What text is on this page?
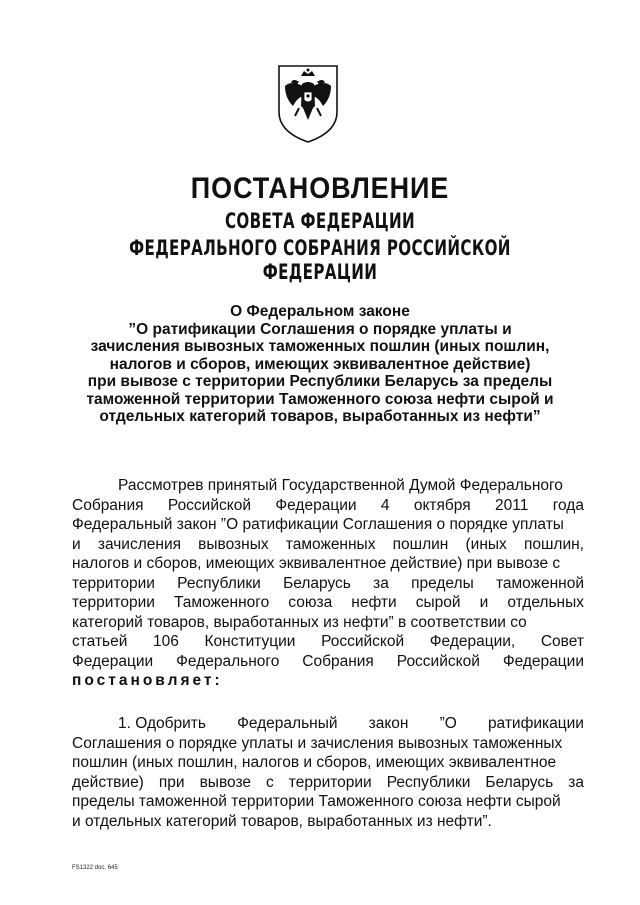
ПОСТАНОВЛЕНИЕ
СОВЕТА ФЕДЕРАЦИИ
ФЕДЕРАЛЬНОГО СОБРАНИЯ РОССИЙСКОЙ ФЕДЕРАЦИИ
О Федеральном законе
”О ратификации Соглашения о порядке уплаты и
зачисления вывозных таможенных пошлин (иных пошлин,
налогов и сборов, имеющих эквивалентное действие)
при вывозе с территории Республики Беларусь за пределы
таможенной территории Таможенного союза нефти сырой и
отдельных категорий товаров, выработанных из нефти”
Рассмотрев принятый Государственной Думой Федерального
Собрания Российской Федерации 4 октября 2011 года
Федеральный закон ”О ратификации Соглашения о порядке уплаты
и зачисления вывозных таможенных пошлин (иных пошлин,
налогов и сборов, имеющих эквивалентное действие) при вывозе с
территории Республики Беларусь за пределы таможенной
территории Таможенного союза нефти сырой и отдельных
категорий товаров, выработанных из нефти” в соответствии со
статьей 106 Конституции Российской Федерации, Совет
Федерации Федерального Собрания Российской Федерации
постановляет:
1. Одобрить Федеральный закон ”О ратификации
Соглашения о порядке уплаты и зачисления вывозных таможенных
пошлин (иных пошлин, налогов и сборов, имеющих эквивалентное
действие) при вывозе с территории Республики Беларусь за
пределы таможенной территории Таможенного союза нефти сырой
и отдельных категорий товаров, выработанных из нефти”.
FS1322 doc. 645
